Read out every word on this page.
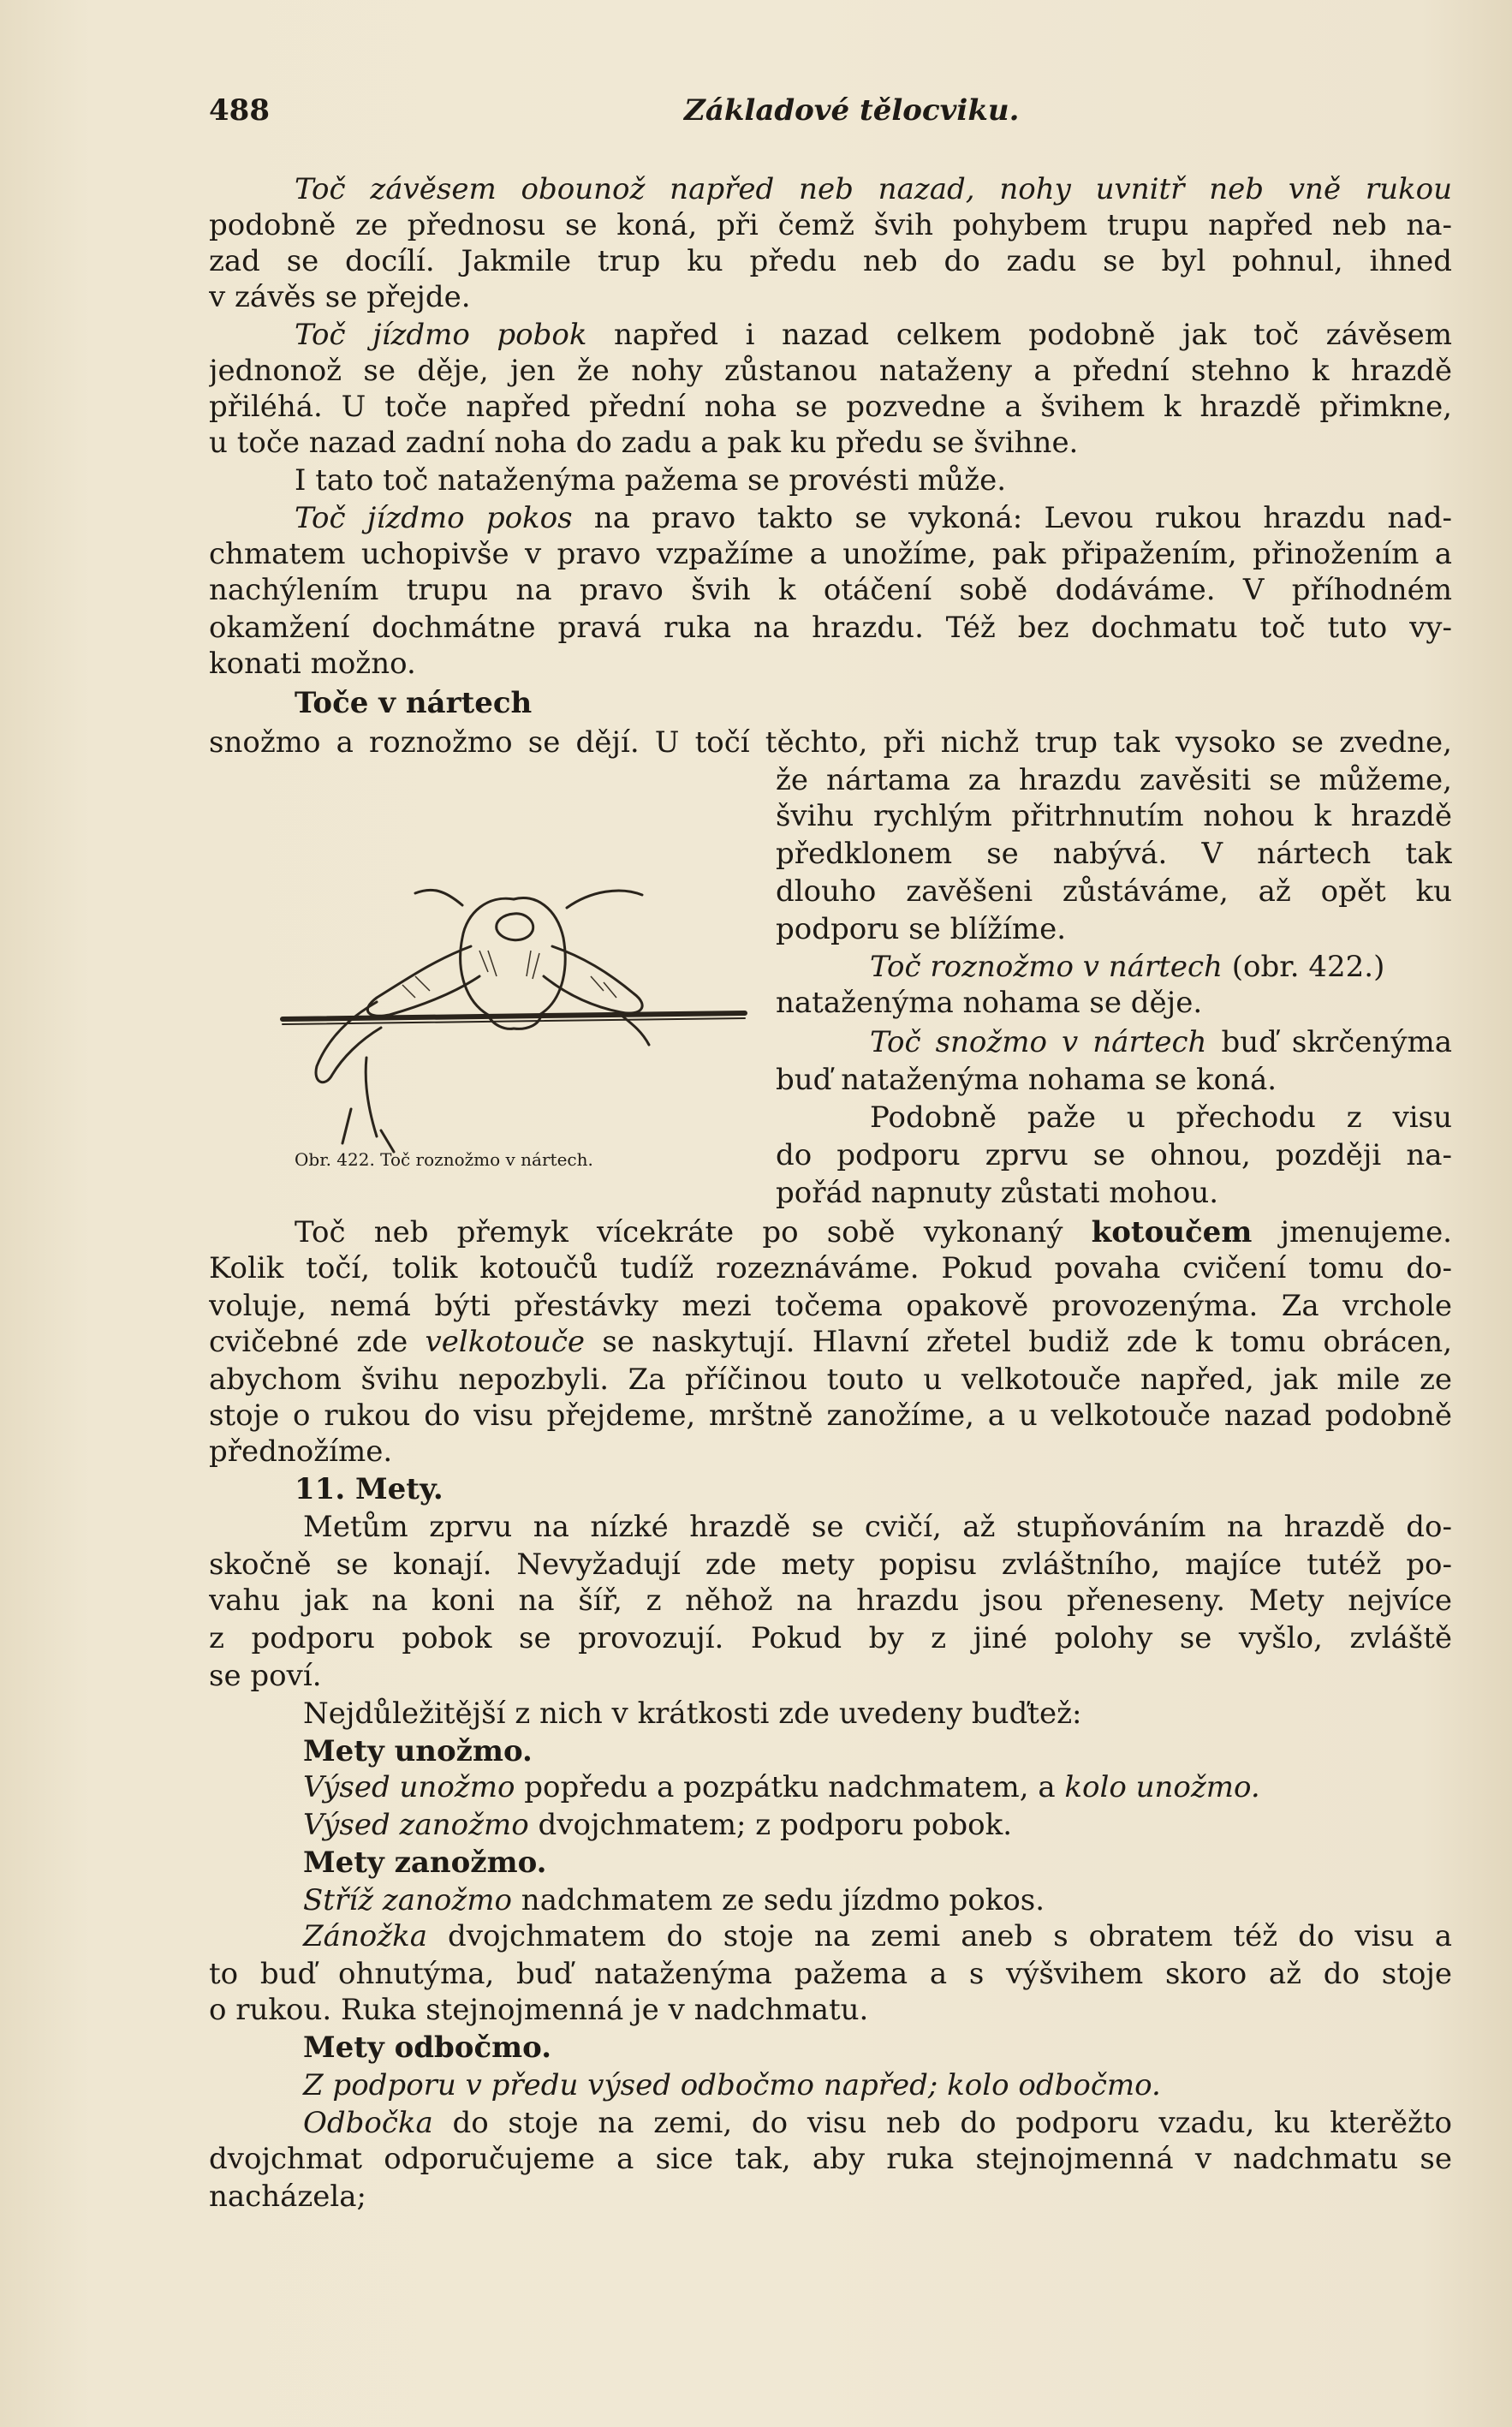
488	Základové tělocviku.
Toč závěsem obounož napřed neb nazad, nohy uvnitř neb vně rukou
podobně ze přednosu se koná, při čemž švih pohybem trupu napřed neb na-
zad se docílí. Jakmile trup ku předu neb do zadu se byl pohnul, ihned
v závěs se přejde.
Toč jízdmo pobok napřed i nazad celkem podobně jak toč závěsem
jednonož se děje, jen že nohy zůstanou nataženy a přední stehno k hrazdě
přiléhá. U toče napřed přední noha se pozvedne a švihem k hrazdě přimkne,
u toče nazad zadní noha do zadu a pak ku předu se švihne.
I tato toč nataženýma pažema se provésti může.
Toč jízdmo pokos na pravo takto se vykoná: Levou rukou hrazdu nad-
chmatem uchopivše v pravo vzpažíme a unožíme, pak připažením, přinožením a
nachýlením trupu na pravo švih k otáčení sobě dodáváme. V příhodném
okamžení dochmátne pravá ruka na hrazdu. Též bez dochmatu toč tuto vy-
konati možno.
Toče v nártech
snožmo a roznožmo se dějí. U točí těchto, při nichž trup tak vysoko se zvedne,
že nártama za hrazdu zavěsiti se můžeme,
švihu rychlým přitrhnutím nohou k hrazdě
předklonem se nabývá. V nártech tak
dlouho zavěšeni zůstáváme, až opět ku
podporu se blížíme.
Toč roznožmo v nártech (obr. 422.)
nataženýma nohama se děje.
Toč snožmo v nártech buď skrčenýma
buď nataženýma nohama se koná.
Podobně paže u přechodu z visu
do podporu zprvu se ohnou, později na-
pořád napnuty zůstati mohou.
Toč neb přemyk vícekráte po sobě vykonaný kotoučem jmenujeme.
Kolik točí, tolik kotoučů tudíž rozeznáváme. Pokud povaha cvičení tomu do-
voluje, nemá býti přestávky mezi točema opakově provozenýma. Za vrchole
cvičebné zde velkotouče se naskytují. Hlavní zřetel budiž zde k tomu obrácen,
abychom švihu nepozbyli. Za příčinou touto u velkotouče napřed, jak mile ze
stoje o rukou do visu přejdeme, mrštně zanožíme, a u velkotouče nazad podobně
přednožíme.
11. Mety.
Metům zprvu na nízké hrazdě se cvičí, až stupňováním na hrazdě do-
skočně se konají. Nevyžadují zde mety popisu zvláštního, majíce tutéž po-
vahu jak na koni na šíř, z něhož na hrazdu jsou přeneseny. Mety nejvíce
z podporu pobok se provozují. Pokud by z jiné polohy se vyšlo, zvláště
se poví.
Nejdůležitější z nich v krátkosti zde uvedeny buďtež:
Mety unožmo.
Výsed unožmo popředu a pozpátku nadchmatem, a kolo unožmo.
Výsed zanožmo dvojchmatem; z podporu pobok.
Mety zanožmo.
Stříž zanožmo nadchmatem ze sedu jízdmo pokos.
Zánožka dvojchmatem do stoje na zemi aneb s obratem též do visu a
to buď ohnutýma, buď nataženýma pažema a s výšvihem skoro až do stoje
o rukou. Ruka stejnojmenná je v nadchmatu.
Mety odbočmo.
Z podporu v předu výsed odbočmo napřed; kolo odbočmo.
Odbočka do stoje na zemi, do visu neb do podporu vzadu, ku kterěžto
dvojchmat odporučujeme a sice tak, aby ruka stejnojmenná v nadchmatu se
nacházela;
Obr. 422. Toč roznožmo v nártech.
